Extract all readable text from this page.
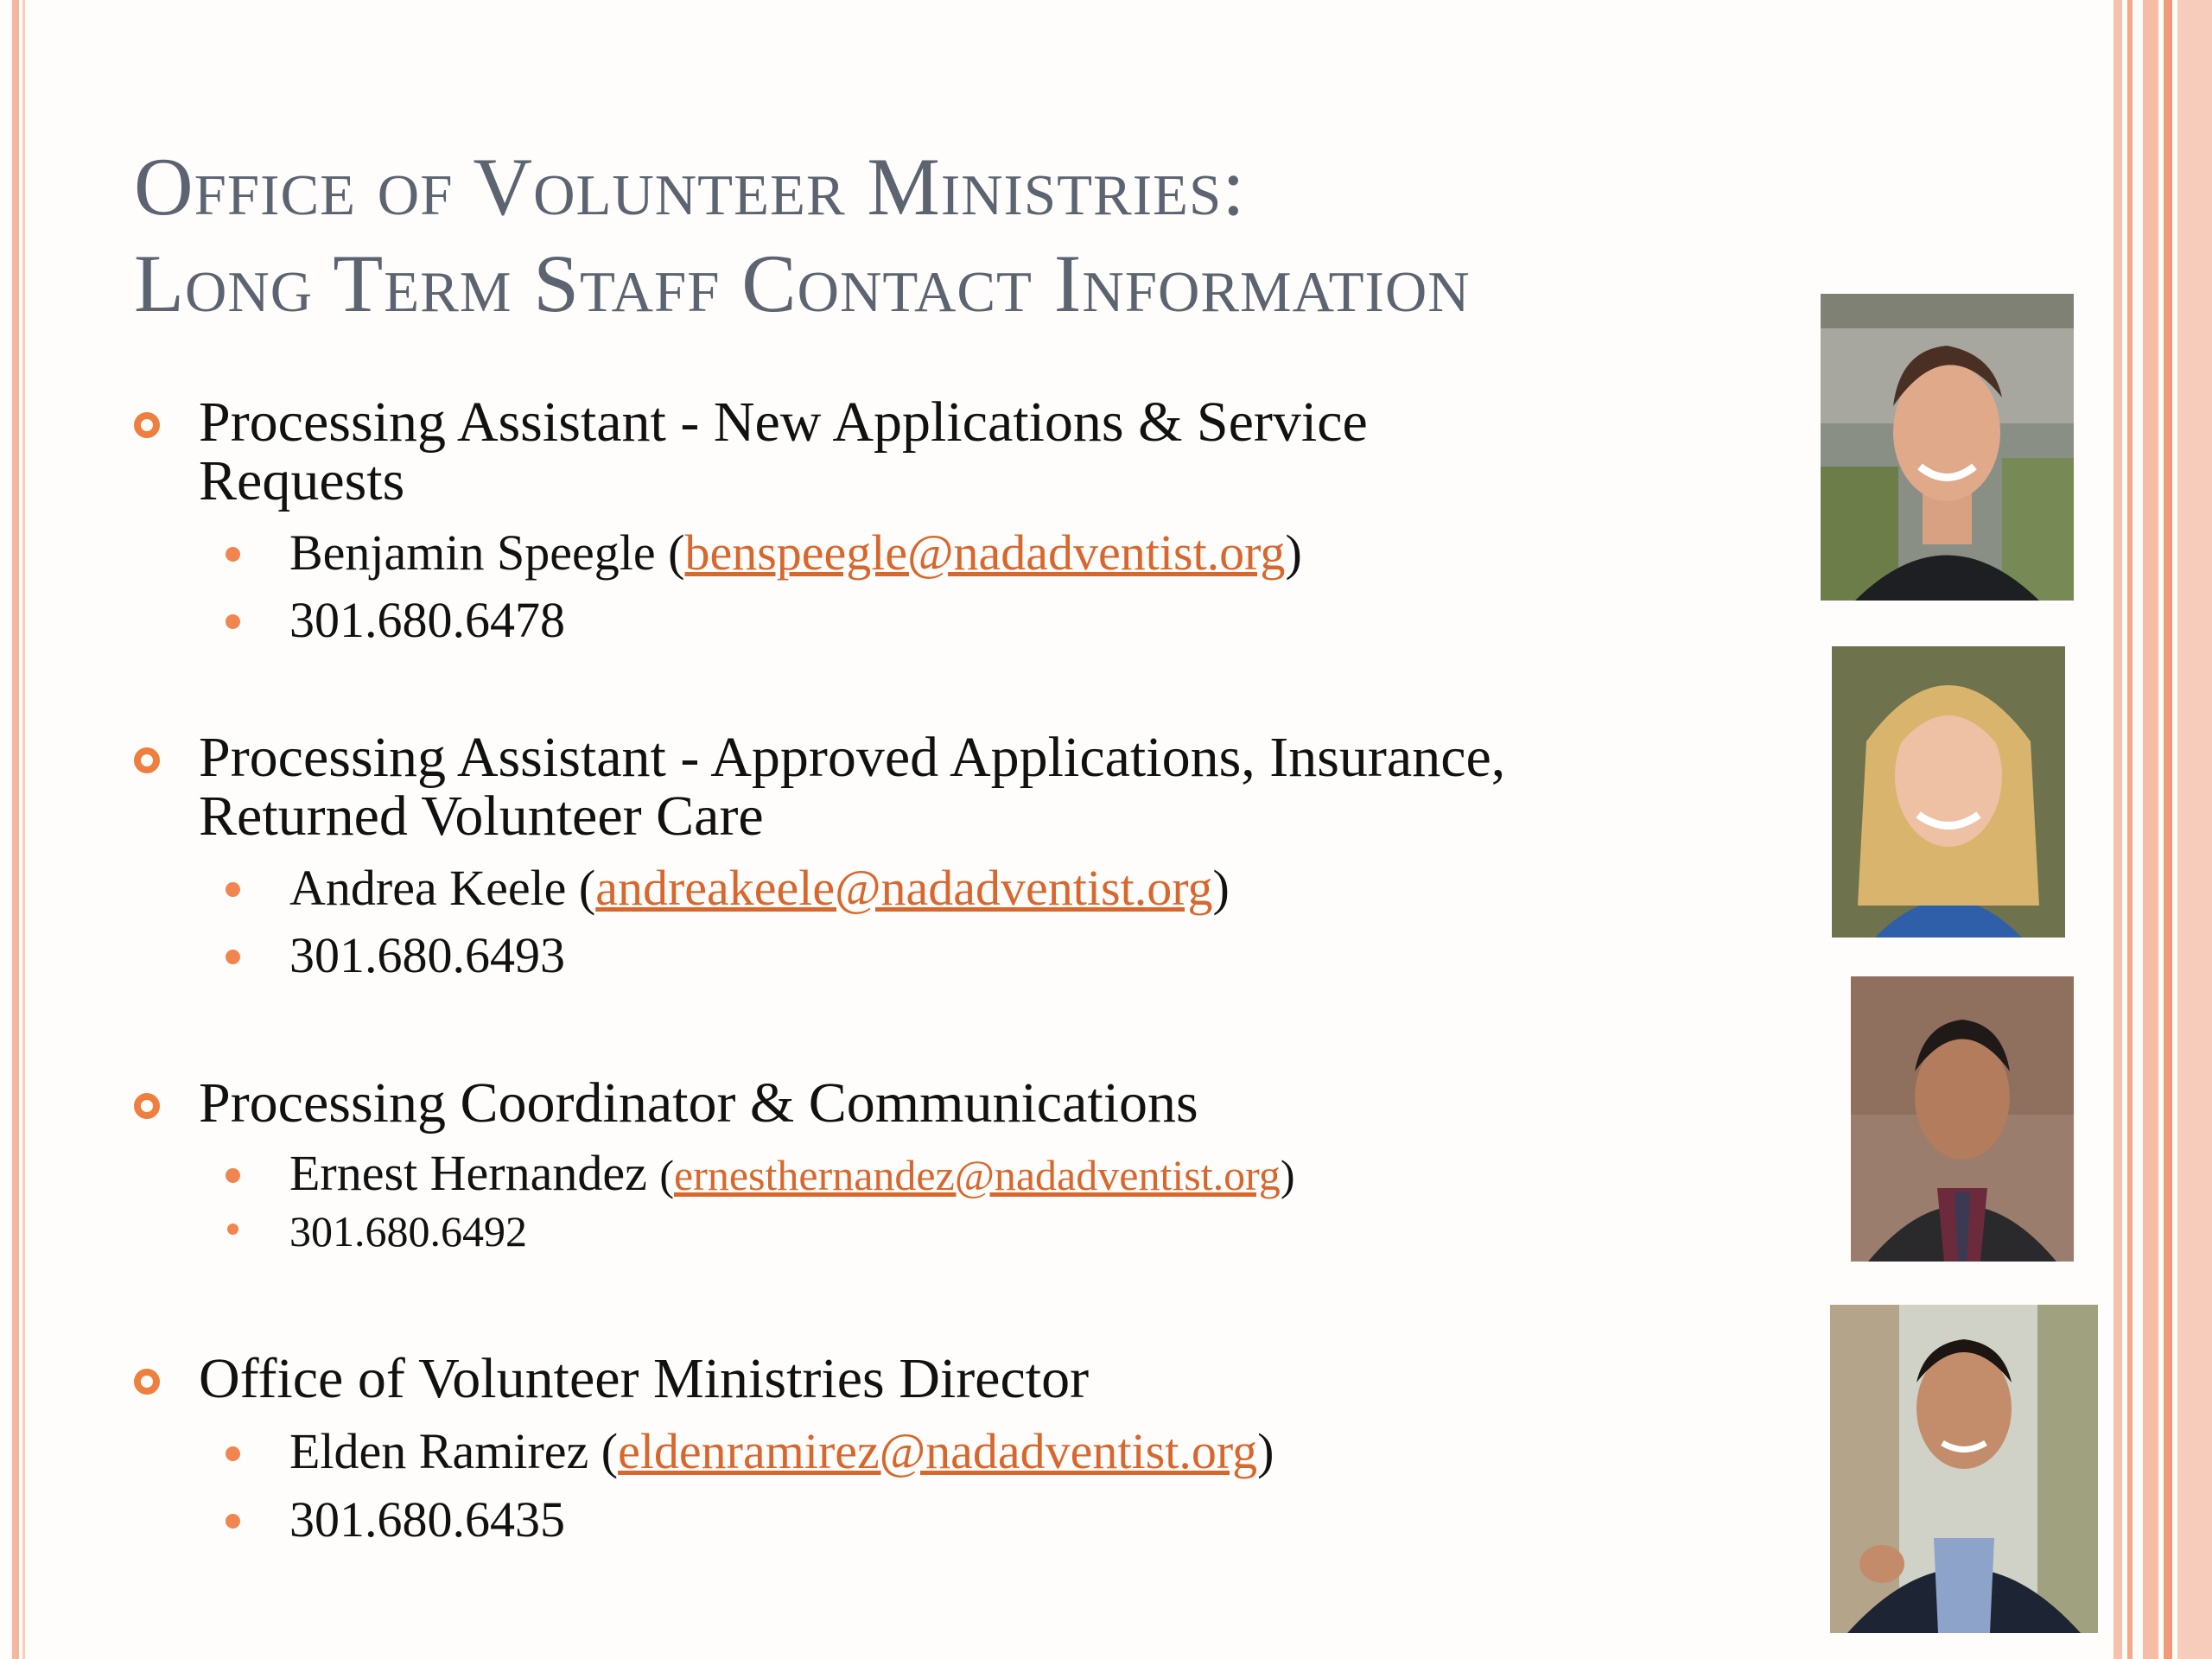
Office of Volunteer Ministries:
Long Term Staff Contact Information
Processing Assistant - New Applications & Service
Requests
Benjamin Speegle (benspeegle@nadadventist.org)
301.680.6478
Processing Assistant - Approved Applications, Insurance,
Returned Volunteer Care
Andrea Keele (andreakeele@nadadventist.org)
301.680.6493
Processing Coordinator & Communications
Ernest Hernandez (ernesthernandez@nadadventist.org)
301.680.6492
Office of Volunteer Ministries Director
Elden Ramirez (eldenramirez@nadadventist.org)
301.680.6435
